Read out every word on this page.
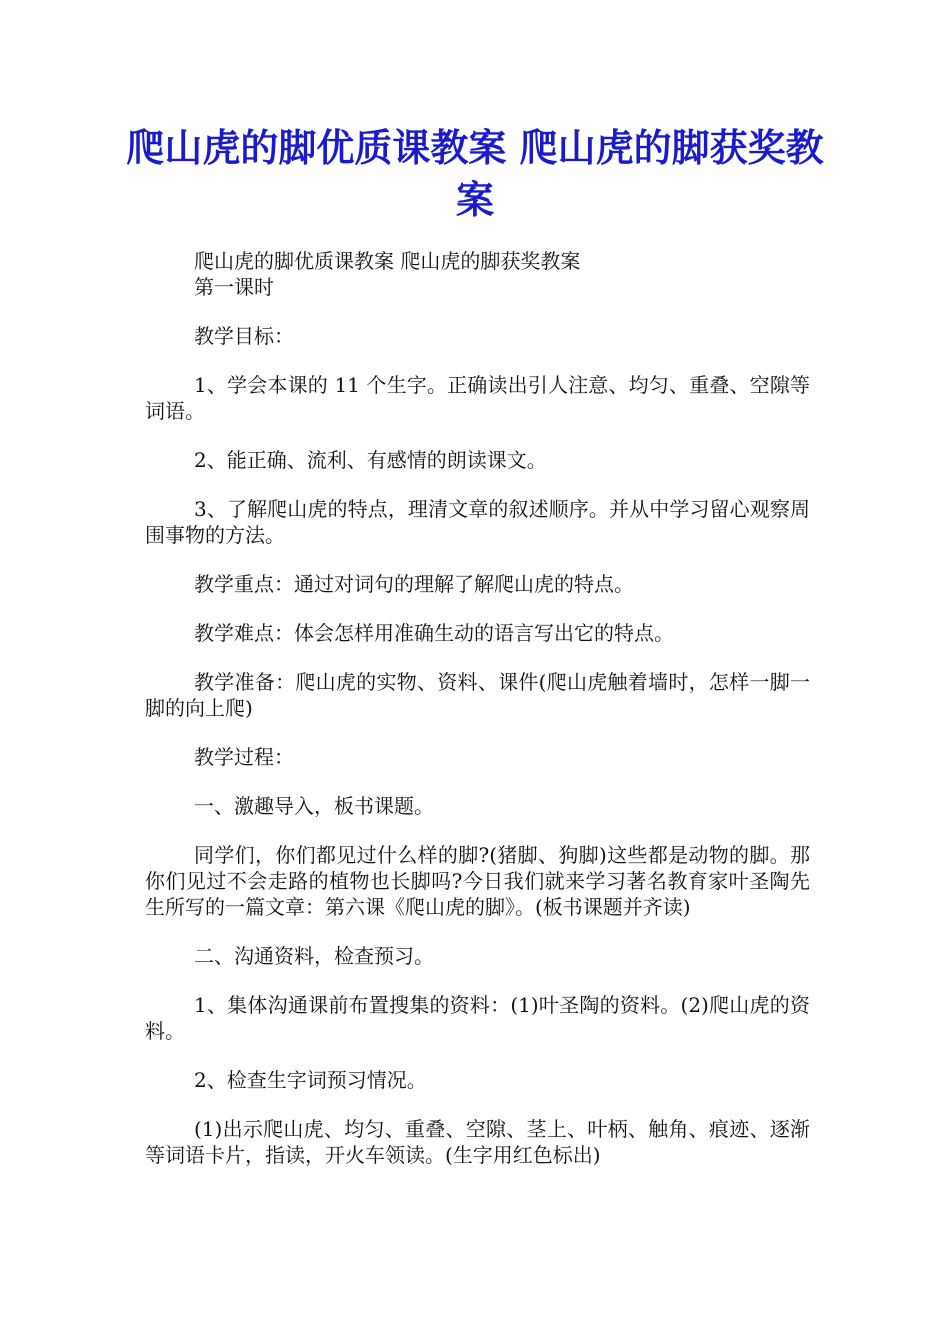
爬山虎的脚优质课教案 爬山虎的脚获奖教案

爬山虎的脚优质课教案 爬山虎的脚获奖教案

第一课时

教学目标：

1、学会本课的 11 个生字。正确读出引人注意、均匀、重叠、空隙等词语。

2、能正确、流利、有感情的朗读课文。

3、了解爬山虎的特点，理清文章的叙述顺序。并从中学习留心观察周围事物的方法。

教学重点：通过对词句的理解了解爬山虎的特点。

教学难点：体会怎样用准确生动的语言写出它的特点。

教学准备：爬山虎的实物、资料、课件(爬山虎触着墙时，怎样一脚一脚的向上爬)

教学过程：

一、激趣导入，板书课题。

同学们，你们都见过什么样的脚?(猪脚、狗脚)这些都是动物的脚。那你们见过不会走路的植物也长脚吗?今日我们就来学习著名教育家叶圣陶先生所写的一篇文章：第六课《爬山虎的脚》。(板书课题并齐读)

二、沟通资料，检查预习。

1、集体沟通课前布置搜集的资料：(1)叶圣陶的资料。(2)爬山虎的资料。

2、检查生字词预习情况。

(1)出示爬山虎、均匀、重叠、空隙、茎上、叶柄、触角、痕迹、逐渐等词语卡片，指读，开火车领读。(生字用红色标出)
